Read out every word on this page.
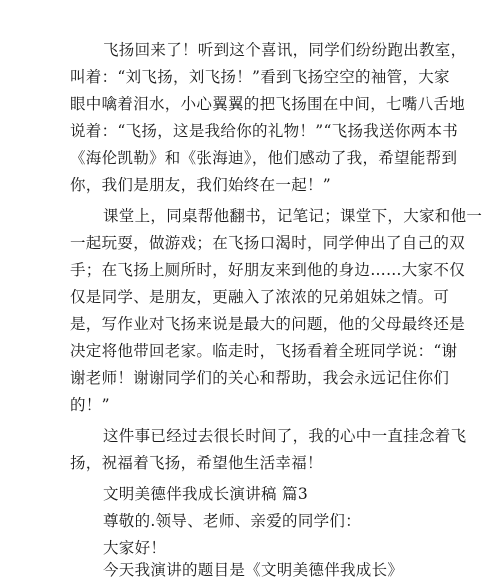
飞扬回来了！听到这个喜讯，同学们纷纷跑出教室，
叫着：“刘飞扬，刘飞扬！”看到飞扬空空的袖管，大家
眼中噙着泪水，小心翼翼的把飞扬围在中间，七嘴八舌地
说着：“飞扬，这是我给你的礼物！”“飞扬我送你两本书
《海伦凯勒》和《张海迪》，他们感动了我，希望能帮到
你，我们是朋友，我们始终在一起！”
课堂上，同桌帮他翻书，记笔记；课堂下，大家和他一
一起玩耍，做游戏；在飞扬口渴时，同学伸出了自己的双
手；在飞扬上厕所时，好朋友来到他的身边……大家不仅
仅是同学、是朋友，更融入了浓浓的兄弟姐妹之情。可
是，写作业对飞扬来说是最大的问题，他的父母最终还是
决定将他带回老家。临走时，飞扬看着全班同学说：“谢
谢老师！谢谢同学们的关心和帮助，我会永远记住你们
的！”
这件事已经过去很长时间了，我的心中一直挂念着飞
扬，祝福着飞扬，希望他生活幸福！
文明美德伴我成长演讲稿 篇3
尊敬的.领导、老师、亲爱的同学们：
大家好！
今天我演讲的题目是《文明美德伴我成长》
